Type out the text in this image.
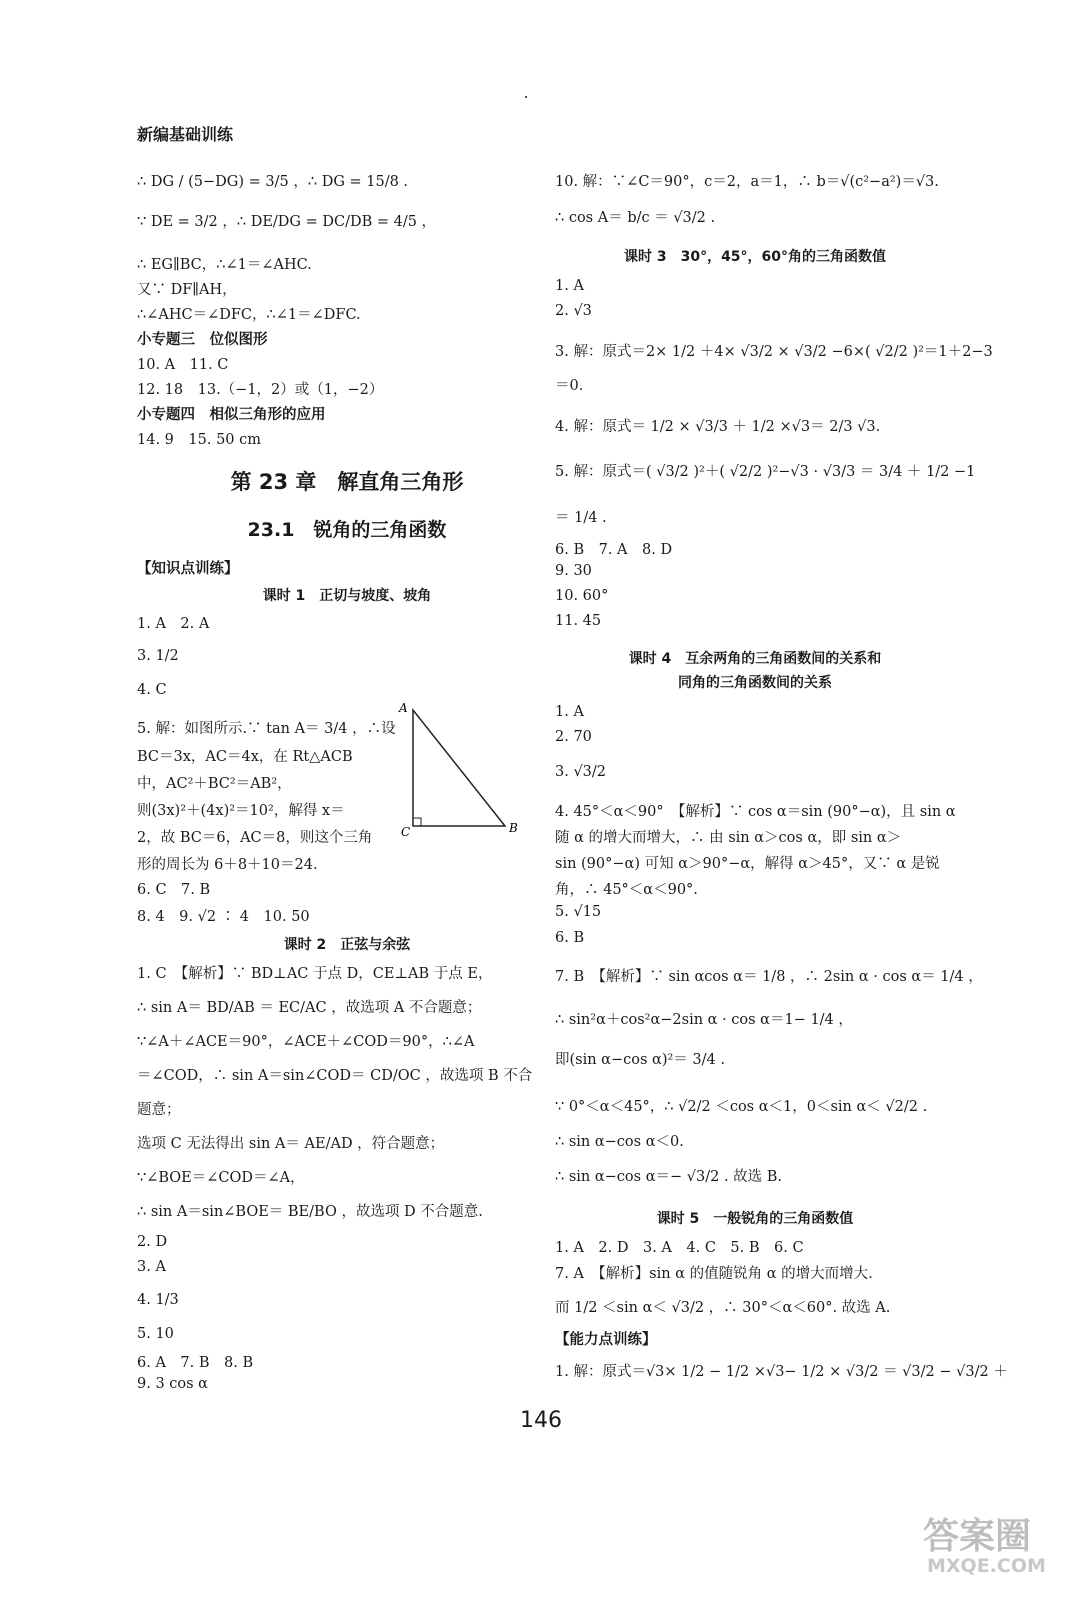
新编基础训练
∴ DG / (5−DG) = 3/5 ，∴ DG = 15/8 .
∵ DE = 3/2 ，∴ DE/DG = DC/DB = 4/5 ，
∴ EG∥BC，∴∠1＝∠AHC.
又∵ DF∥AH，
∴∠AHC＝∠DFC，∴∠1＝∠DFC.
小专题三　位似图形
10. A　11. C
12. 18　13.（−1，2）或（1，−2）
小专题四　相似三角形的应用
14. 9　15. 50 cm
第 23 章　解直角三角形
23.1　锐角的三角函数
【知识点训练】
课时 1　正切与坡度、坡角
1. A　2. A
3. 1/2
4. C
5. 解：如图所示.∵ tan A＝ 3/4 ，∴设
BC＝3x，AC＝4x，在 Rt△ACB
中，AC²＋BC²＝AB²，
则(3x)²＋(4x)²＝10²，解得 x＝
2，故 BC＝6，AC＝8，则这个三角
形的周长为 6＋8＋10＝24.
A
C	B
6. C　7. B
8. 4　9. √2 ∶ 4　10. 50
课时 2　正弦与余弦
1. C　【解析】∵ BD⊥AC 于点 D，CE⊥AB 于点 E，
∴ sin A＝ BD/AB ＝ EC/AC ，故选项 A 不合题意；
∵∠A＋∠ACE＝90°，∠ACE＋∠COD＝90°，∴∠A
＝∠COD，∴ sin A＝sin∠COD＝ CD/OC ，故选项 B 不合
题意；
选项 C 无法得出 sin A＝ AE/AD ，符合题意；
∵∠BOE＝∠COD＝∠A，
∴ sin A＝sin∠BOE＝ BE/BO ，故选项 D 不合题意.
2. D
3. A
4. 1/3
5. 10
6. A　7. B　8. B
9. 3 cos α
10. 解：∵∠C＝90°，c＝2，a＝1，∴ b＝√(c²−a²)＝√3.
∴ cos A＝ b/c ＝ √3/2 .
课时 3　30°，45°，60°角的三角函数值
1. A
2. √3
3. 解：原式＝2× 1/2 ＋4× √3/2 × √3/2 −6×( √2/2 )²＝1＋2−3
＝0.
4. 解：原式＝ 1/2 × √3/3 ＋ 1/2 ×√3＝ 2/3 √3.
5. 解：原式＝( √3/2 )²＋( √2/2 )²−√3 · √3/3 ＝ 3/4 ＋ 1/2 −1
＝ 1/4 .
6. B　7. A　8. D
9. 30
10. 60°
11. 45
课时 4　互余两角的三角函数间的关系和
同角的三角函数间的关系
1. A
2. 70
3. √3/2
4. 45°＜α＜90°　【解析】∵ cos α＝sin (90°−α)，且 sin α
随 α 的增大而增大，∴ 由 sin α＞cos α，即 sin α＞
sin (90°−α) 可知 α＞90°−α，解得 α＞45°，又∵ α 是锐
角，∴ 45°＜α＜90°.
5. √15
6. B
7. B　【解析】∵ sin αcos α＝ 1/8 ，∴ 2sin α · cos α＝ 1/4 ，
∴ sin²α＋cos²α−2sin α · cos α＝1− 1/4 ，
即(sin α−cos α)²＝ 3/4 .
∵ 0°＜α＜45°，∴ √2/2 ＜cos α＜1，0＜sin α＜ √2/2 .
∴ sin α−cos α＜0.
∴ sin α−cos α＝− √3/2 . 故选 B.
课时 5　一般锐角的三角函数值
1. A　2. D　3. A　4. C　5. B　6. C
7. A　【解析】sin α 的值随锐角 α 的增大而增大.
而 1/2 ＜sin α＜ √3/2 ，∴ 30°＜α＜60°. 故选 A.
【能力点训练】
1. 解：原式＝√3× 1/2 − 1/2 ×√3− 1/2 × √3/2 ＝ √3/2 − √3/2 ＋
146
答案圈
MXQE.COM
